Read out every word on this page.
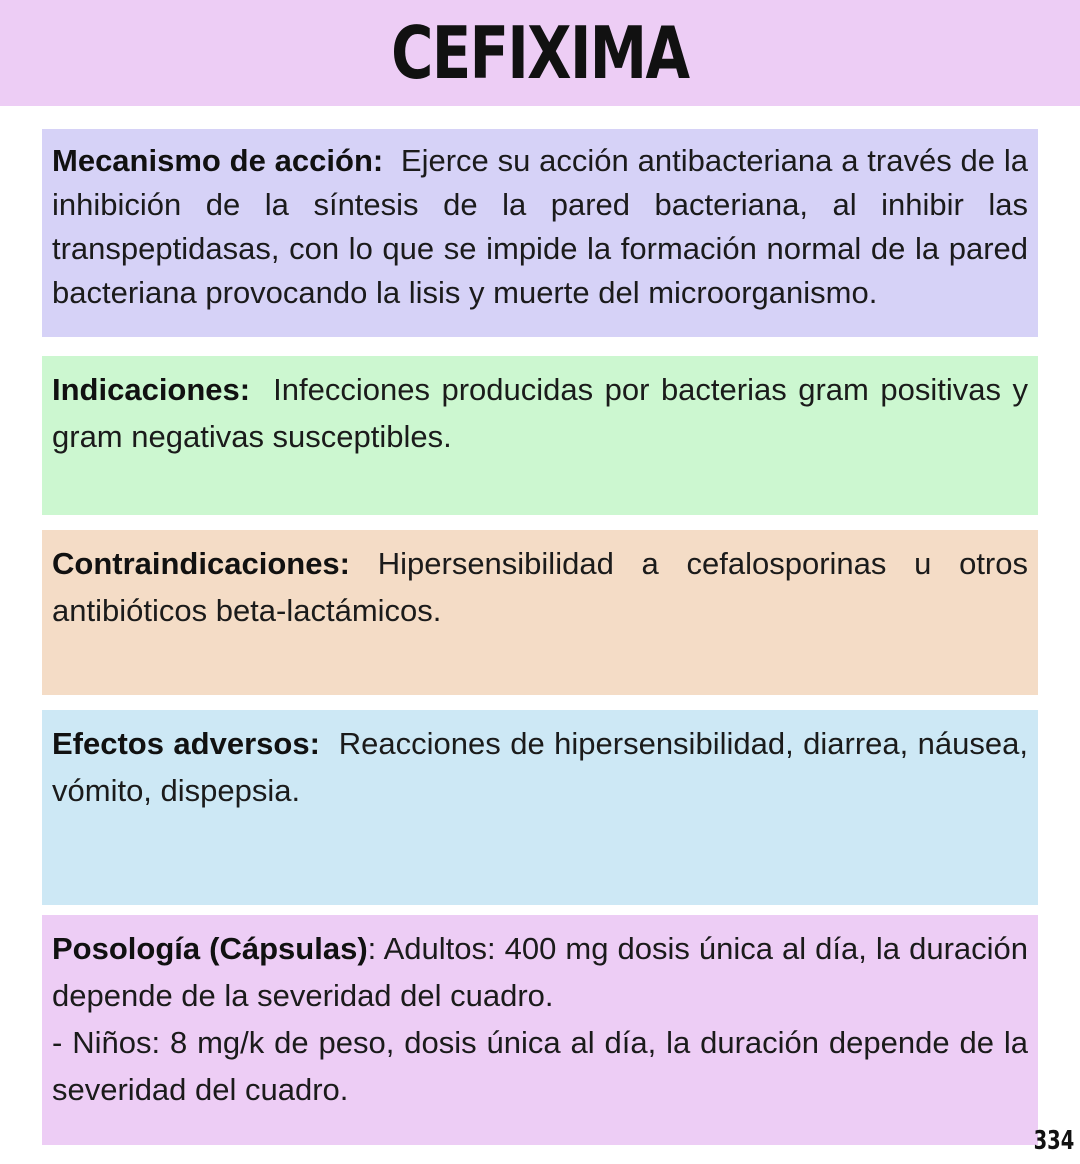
CEFIXIMA

Mecanismo de acción: Ejerce su acción antibacteriana a través de la inhibición de la síntesis de la pared bacteriana, al inhibir las transpeptidasas, con lo que se impide la formación normal de la pared bacteriana provocando la lisis y muerte del microorganismo.

Indicaciones: Infecciones producidas por bacterias gram positivas y gram negativas susceptibles.

Contraindicaciones: Hipersensibilidad a cefalosporinas u otros antibióticos beta-lactámicos.

Efectos adversos: Reacciones de hipersensibilidad, diarrea, náusea, vómito, dispepsia.

Posología (Cápsulas): Adultos: 400 mg dosis única al día, la duración depende de la severidad del cuadro.

- Niños: 8 mg/k de peso, dosis única al día, la duración depende de la severidad del cuadro.

334
